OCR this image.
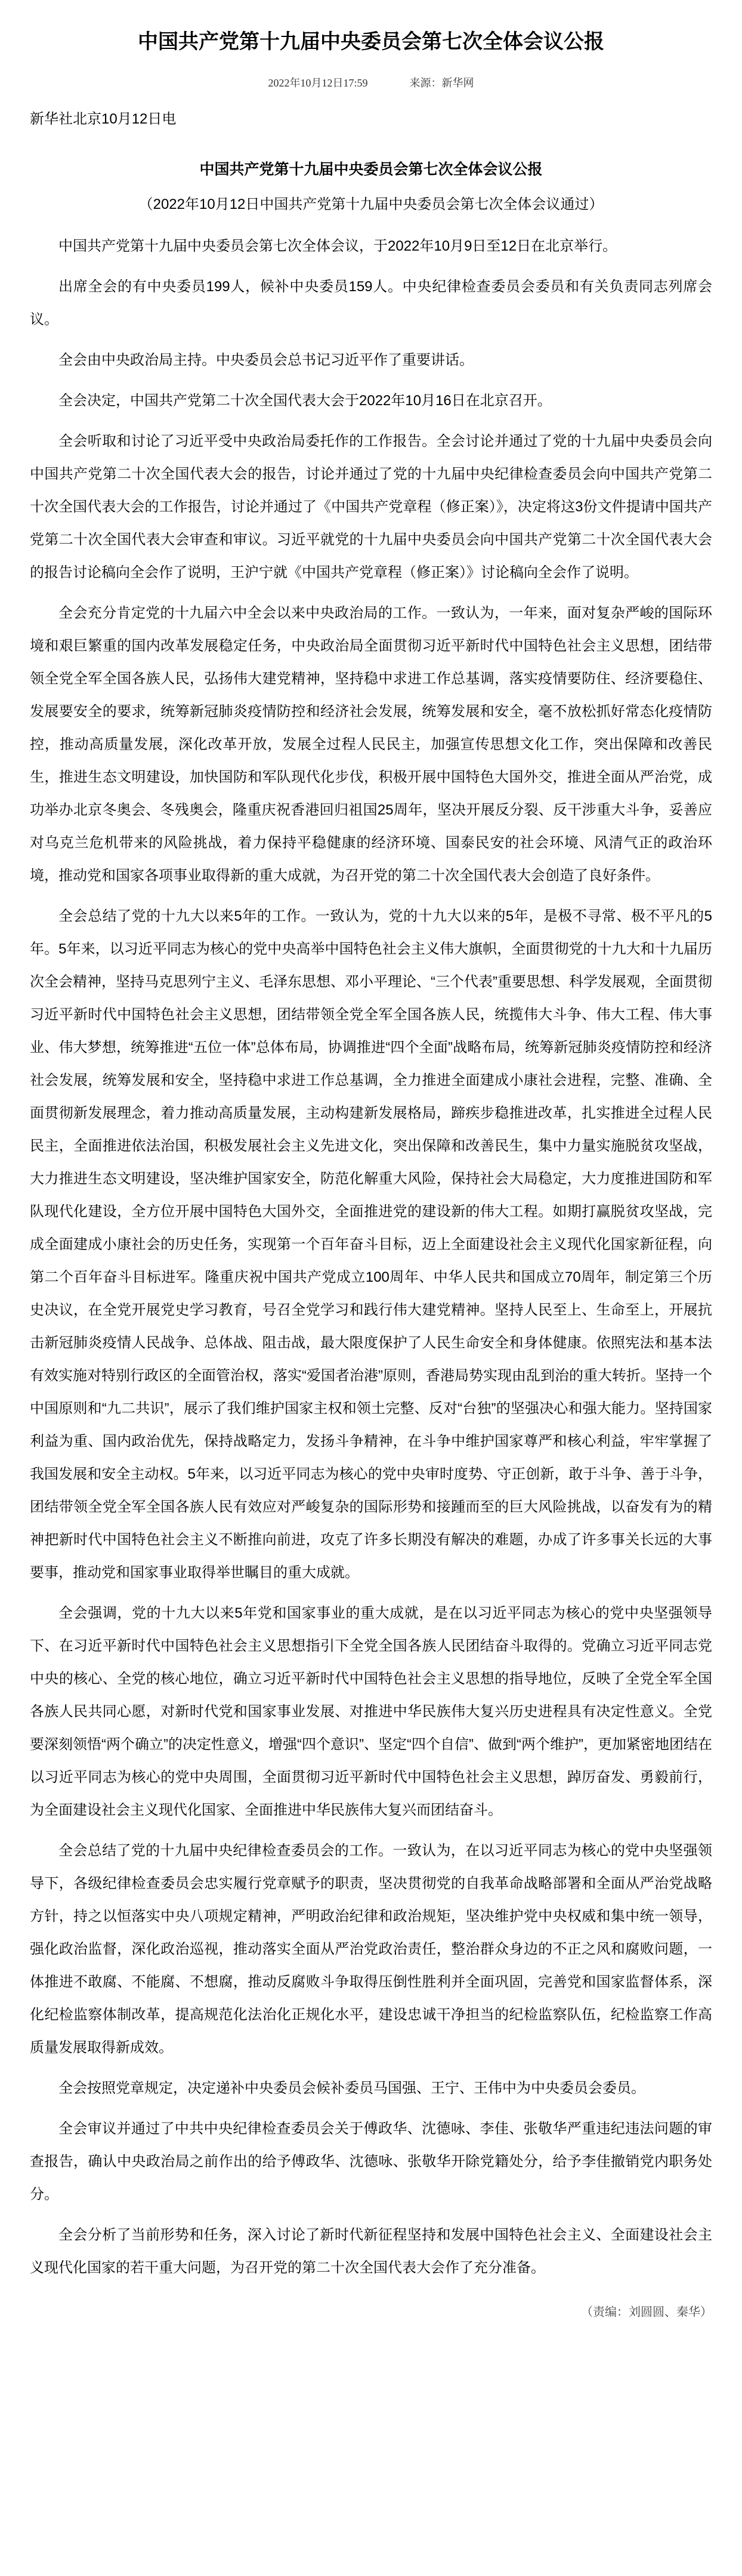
中国共产党第十九届中央委员会第七次全体会议公报
2022年10月12日17:59	来源：新华网

新华社北京10月12日电

中国共产党第十九届中央委员会第七次全体会议公报

（2022年10月12日中国共产党第十九届中央委员会第七次全体会议通过）

中国共产党第十九届中央委员会第七次全体会议，于2022年10月9日至12日在北京举行。

出席全会的有中央委员199人，候补中央委员159人。中央纪律检查委员会委员和有关负责同志列席会议。

全会由中央政治局主持。中央委员会总书记习近平作了重要讲话。

全会决定，中国共产党第二十次全国代表大会于2022年10月16日在北京召开。

全会听取和讨论了习近平受中央政治局委托作的工作报告。全会讨论并通过了党的十九届中央委员会向中国共产党第二十次全国代表大会的报告，讨论并通过了党的十九届中央纪律检查委员会向中国共产党第二十次全国代表大会的工作报告，讨论并通过了《中国共产党章程（修正案）》，决定将这3份文件提请中国共产党第二十次全国代表大会审查和审议。习近平就党的十九届中央委员会向中国共产党第二十次全国代表大会的报告讨论稿向全会作了说明，王沪宁就《中国共产党章程（修正案）》讨论稿向全会作了说明。

全会充分肯定党的十九届六中全会以来中央政治局的工作。一致认为，一年来，面对复杂严峻的国际环境和艰巨繁重的国内改革发展稳定任务，中央政治局全面贯彻习近平新时代中国特色社会主义思想，团结带领全党全军全国各族人民，弘扬伟大建党精神，坚持稳中求进工作总基调，落实疫情要防住、经济要稳住、发展要安全的要求，统筹新冠肺炎疫情防控和经济社会发展，统筹发展和安全，毫不放松抓好常态化疫情防控，推动高质量发展，深化改革开放，发展全过程人民民主，加强宣传思想文化工作，突出保障和改善民生，推进生态文明建设，加快国防和军队现代化步伐，积极开展中国特色大国外交，推进全面从严治党，成功举办北京冬奥会、冬残奥会，隆重庆祝香港回归祖国25周年，坚决开展反分裂、反干涉重大斗争，妥善应对乌克兰危机带来的风险挑战，着力保持平稳健康的经济环境、国泰民安的社会环境、风清气正的政治环境，推动党和国家各项事业取得新的重大成就，为召开党的第二十次全国代表大会创造了良好条件。

全会总结了党的十九大以来5年的工作。一致认为，党的十九大以来的5年，是极不寻常、极不平凡的5年。5年来，以习近平同志为核心的党中央高举中国特色社会主义伟大旗帜，全面贯彻党的十九大和十九届历次全会精神，坚持马克思列宁主义、毛泽东思想、邓小平理论、“三个代表”重要思想、科学发展观，全面贯彻习近平新时代中国特色社会主义思想，团结带领全党全军全国各族人民，统揽伟大斗争、伟大工程、伟大事业、伟大梦想，统筹推进“五位一体”总体布局，协调推进“四个全面”战略布局，统筹新冠肺炎疫情防控和经济社会发展，统筹发展和安全，坚持稳中求进工作总基调，全力推进全面建成小康社会进程，完整、准确、全面贯彻新发展理念，着力推动高质量发展，主动构建新发展格局，蹄疾步稳推进改革，扎实推进全过程人民民主，全面推进依法治国，积极发展社会主义先进文化，突出保障和改善民生，集中力量实施脱贫攻坚战，大力推进生态文明建设，坚决维护国家安全，防范化解重大风险，保持社会大局稳定，大力度推进国防和军队现代化建设，全方位开展中国特色大国外交，全面推进党的建设新的伟大工程。如期打赢脱贫攻坚战，完成全面建成小康社会的历史任务，实现第一个百年奋斗目标，迈上全面建设社会主义现代化国家新征程，向第二个百年奋斗目标进军。隆重庆祝中国共产党成立100周年、中华人民共和国成立70周年，制定第三个历史决议，在全党开展党史学习教育，号召全党学习和践行伟大建党精神。坚持人民至上、生命至上，开展抗击新冠肺炎疫情人民战争、总体战、阻击战，最大限度保护了人民生命安全和身体健康。依照宪法和基本法有效实施对特别行政区的全面管治权，落实“爱国者治港”原则，香港局势实现由乱到治的重大转折。坚持一个中国原则和“九二共识”，展示了我们维护国家主权和领土完整、反对“台独”的坚强决心和强大能力。坚持国家利益为重、国内政治优先，保持战略定力，发扬斗争精神，在斗争中维护国家尊严和核心利益，牢牢掌握了我国发展和安全主动权。5年来，以习近平同志为核心的党中央审时度势、守正创新，敢于斗争、善于斗争，团结带领全党全军全国各族人民有效应对严峻复杂的国际形势和接踵而至的巨大风险挑战，以奋发有为的精神把新时代中国特色社会主义不断推向前进，攻克了许多长期没有解决的难题，办成了许多事关长远的大事要事，推动党和国家事业取得举世瞩目的重大成就。

全会强调，党的十九大以来5年党和国家事业的重大成就，是在以习近平同志为核心的党中央坚强领导下、在习近平新时代中国特色社会主义思想指引下全党全国各族人民团结奋斗取得的。党确立习近平同志党中央的核心、全党的核心地位，确立习近平新时代中国特色社会主义思想的指导地位，反映了全党全军全国各族人民共同心愿，对新时代党和国家事业发展、对推进中华民族伟大复兴历史进程具有决定性意义。全党要深刻领悟“两个确立”的决定性意义，增强“四个意识”、坚定“四个自信”、做到“两个维护”，更加紧密地团结在以习近平同志为核心的党中央周围，全面贯彻习近平新时代中国特色社会主义思想，踔厉奋发、勇毅前行，为全面建设社会主义现代化国家、全面推进中华民族伟大复兴而团结奋斗。

全会总结了党的十九届中央纪律检查委员会的工作。一致认为，在以习近平同志为核心的党中央坚强领导下，各级纪律检查委员会忠实履行党章赋予的职责，坚决贯彻党的自我革命战略部署和全面从严治党战略方针，持之以恒落实中央八项规定精神，严明政治纪律和政治规矩，坚决维护党中央权威和集中统一领导，强化政治监督，深化政治巡视，推动落实全面从严治党政治责任，整治群众身边的不正之风和腐败问题，一体推进不敢腐、不能腐、不想腐，推动反腐败斗争取得压倒性胜利并全面巩固，完善党和国家监督体系，深化纪检监察体制改革，提高规范化法治化正规化水平，建设忠诚干净担当的纪检监察队伍，纪检监察工作高质量发展取得新成效。

全会按照党章规定，决定递补中央委员会候补委员马国强、王宁、王伟中为中央委员会委员。

全会审议并通过了中共中央纪律检查委员会关于傅政华、沈德咏、李佳、张敬华严重违纪违法问题的审查报告，确认中央政治局之前作出的给予傅政华、沈德咏、张敬华开除党籍处分，给予李佳撤销党内职务处分。

全会分析了当前形势和任务，深入讨论了新时代新征程坚持和发展中国特色社会主义、全面建设社会主义现代化国家的若干重大问题，为召开党的第二十次全国代表大会作了充分准备。

（责编：刘圆圆、秦华）
